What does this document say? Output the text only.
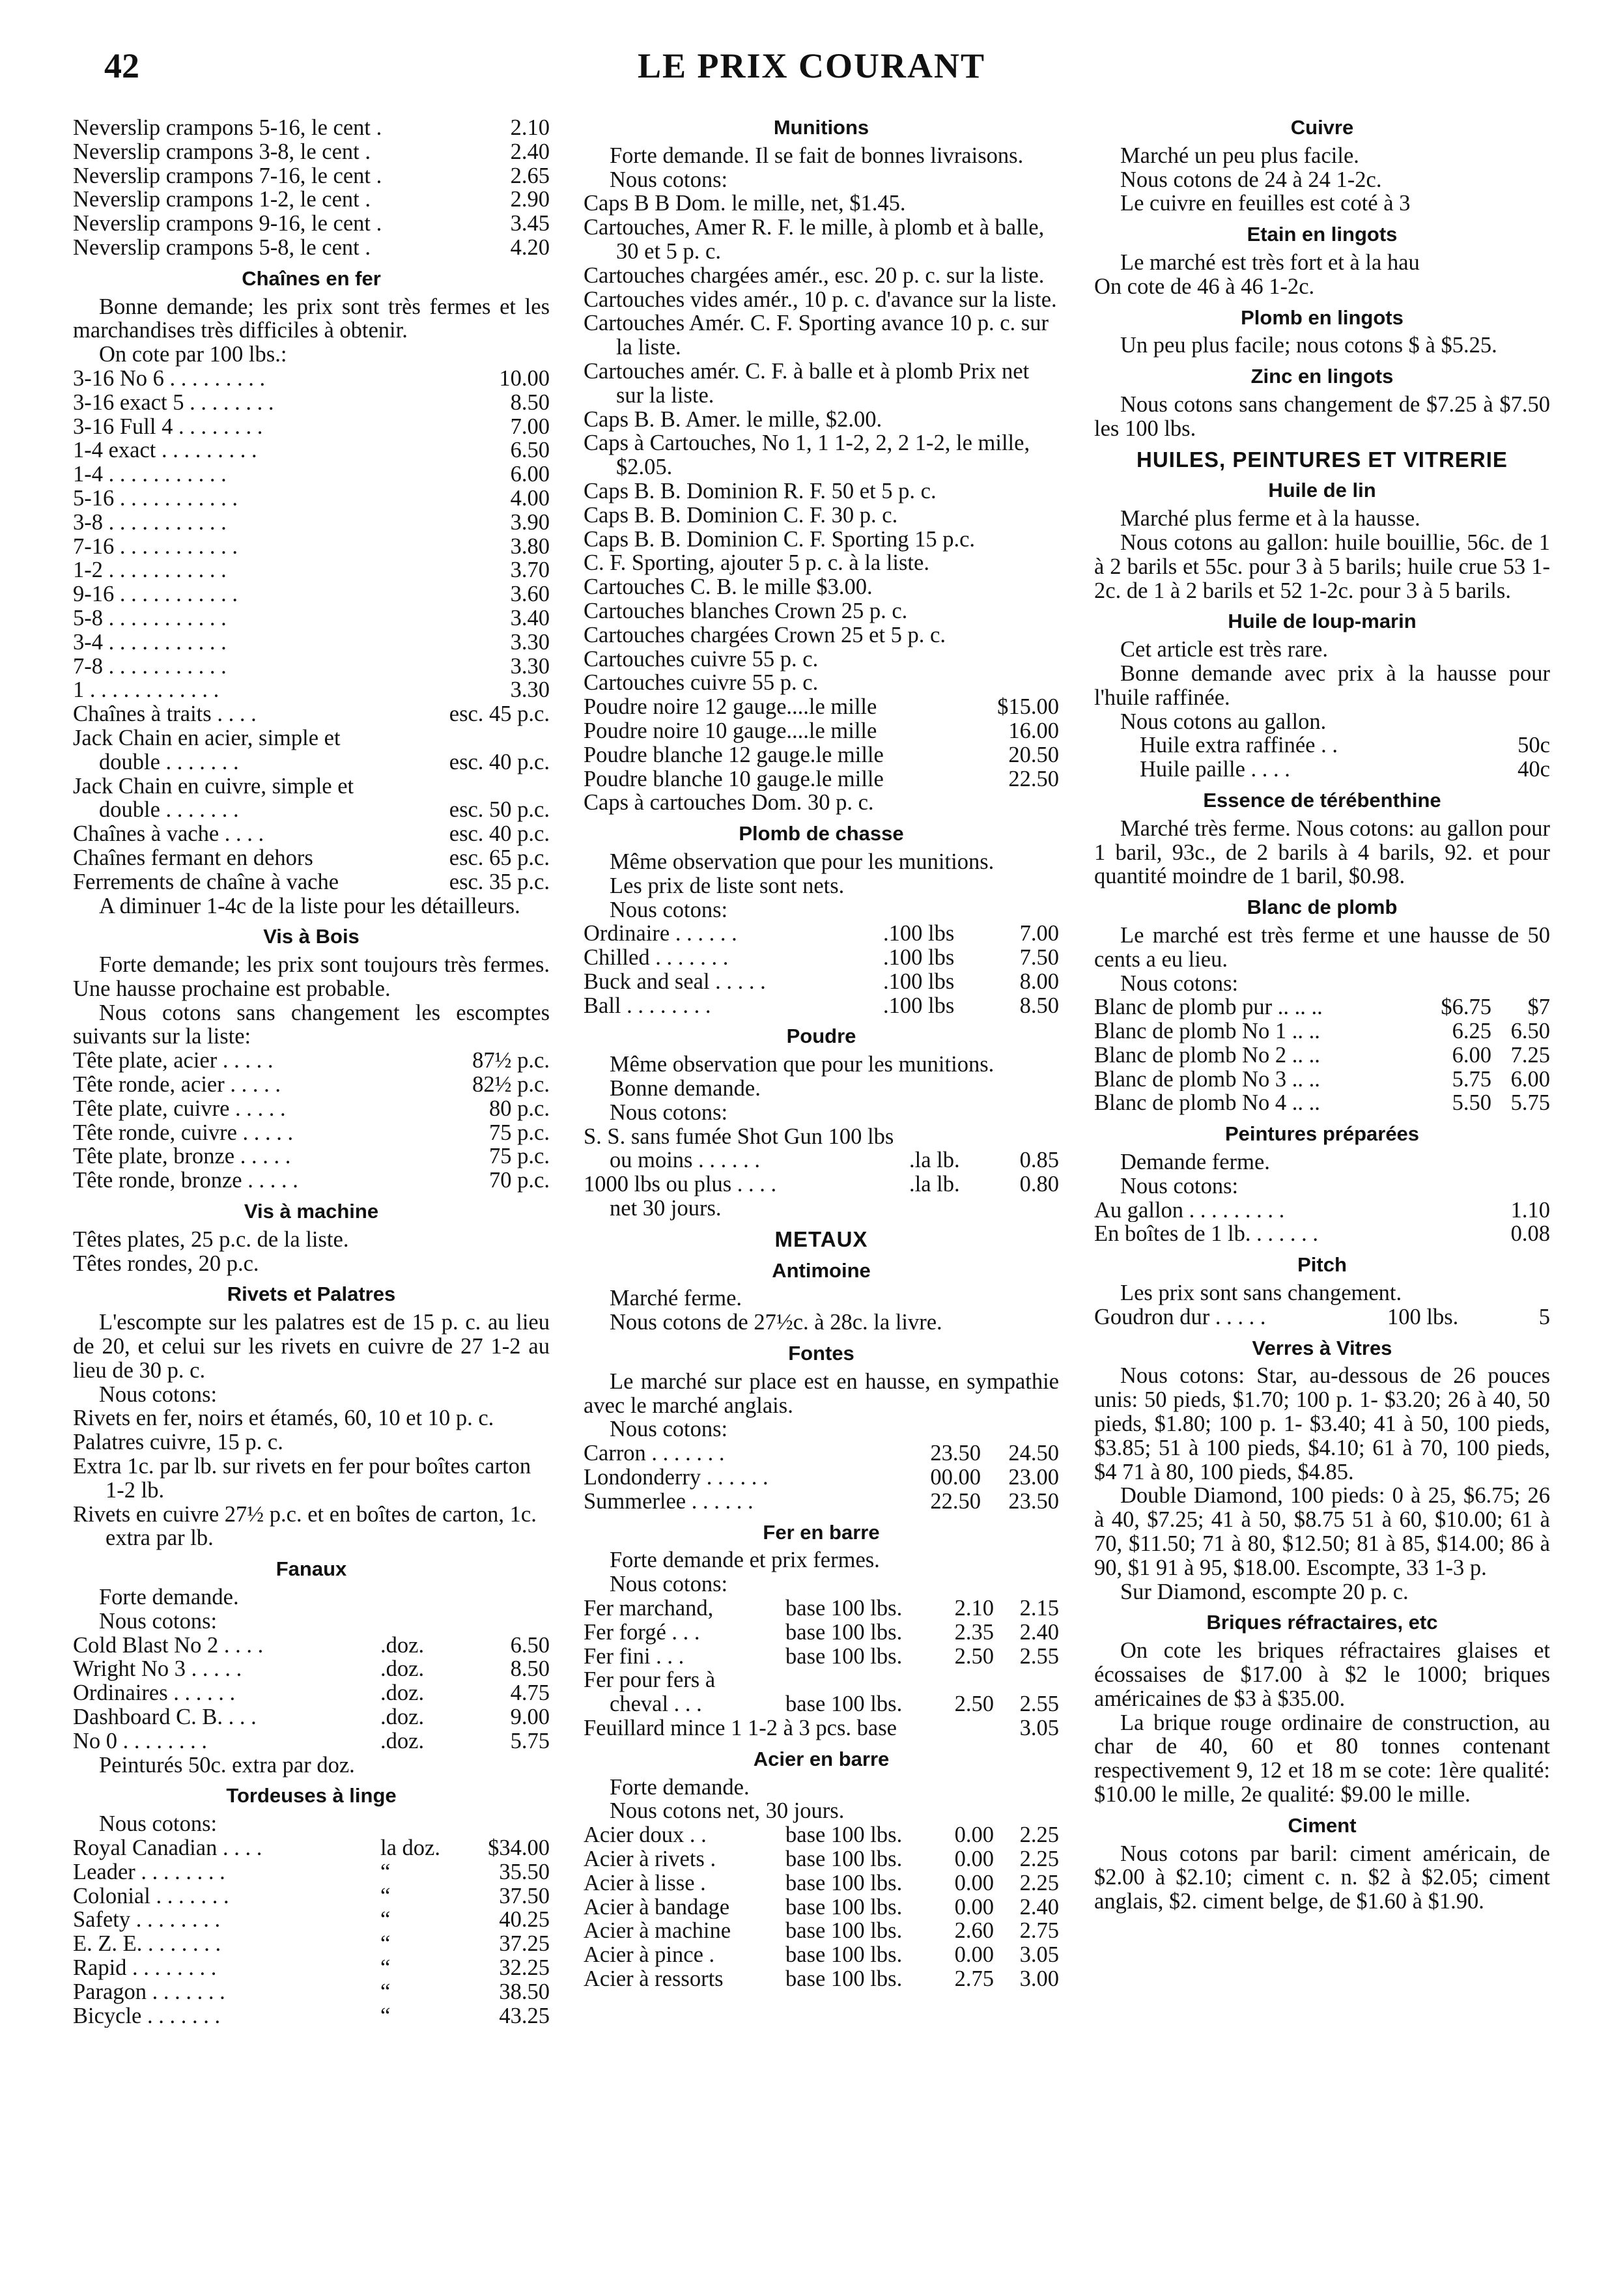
42	LE PRIX COURANT
Neverslip crampons 5-16, le cent .	2.10
Neverslip crampons 3-8, le cent .	2.40
Neverslip crampons 7-16, le cent .	2.65
Neverslip crampons 1-2, le cent .	2.90
Neverslip crampons 9-16, le cent .	3.45
Neverslip crampons 5-8, le cent .	4.20
Chaînes en fer
Bonne demande; les prix sont très fermes et les marchandises très difficiles à obtenir.
On cote par 100 lbs.:
3-16 No 6 . . . . . . . . .	10.00
3-16 exact 5 . . . . . . . .	8.50
3-16 Full 4 . . . . . . . .	7.00
1-4 exact . . . . . . . . .	6.50
1-4 . . . . . . . . . . .	6.00
5-16 . . . . . . . . . . .	4.00
3-8 . . . . . . . . . . .	3.90
7-16 . . . . . . . . . . .	3.80
1-2 . . . . . . . . . . .	3.70
9-16 . . . . . . . . . . .	3.60
5-8 . . . . . . . . . . .	3.40
3-4 . . . . . . . . . . .	3.30
7-8 . . . . . . . . . . .	3.30
1 . . . . . . . . . . . .	3.30
Chaînes à traits . . . .	esc. 45 p.c.
Jack Chain en acier, simple et
double . . . . . . .	esc. 40 p.c.
Jack Chain en cuivre, simple et
double . . . . . . .	esc. 50 p.c.
Chaînes à vache . . . .	esc. 40 p.c.
Chaînes fermant en dehors	esc. 65 p.c.
Ferrements de chaîne à vache	esc. 35 p.c.
A diminuer 1-4c de la liste pour les détailleurs.
Vis à Bois
Forte demande; les prix sont toujours très fermes. Une hausse prochaine est probable.
Nous cotons sans changement les escomptes suivants sur la liste:
Tête plate, acier . . . . .	87½ p.c.
Tête ronde, acier . . . . .	82½ p.c.
Tête plate, cuivre . . . . .	80 p.c.
Tête ronde, cuivre . . . . .	75 p.c.
Tête plate, bronze . . . . .	75 p.c.
Tête ronde, bronze . . . . .	70 p.c.
Vis à machine
Têtes plates, 25 p.c. de la liste.
Têtes rondes, 20 p.c.
Rivets et Palatres
L'escompte sur les palatres est de 15 p. c. au lieu de 20, et celui sur les rivets en cuivre de 27 1-2 au lieu de 30 p. c.
Nous cotons:
Rivets en fer, noirs et étamés, 60, 10 et 10 p. c.
Palatres cuivre, 15 p. c.
Extra 1c. par lb. sur rivets en fer pour boîtes carton 1-2 lb.
Rivets en cuivre 27½ p.c. et en boîtes de carton, 1c. extra par lb.
Fanaux
Forte demande.
Nous cotons:
Cold Blast No 2 . . . .	.doz.	6.50
Wright No 3 . . . . .	.doz.	8.50
Ordinaires . . . . . .	.doz.	4.75
Dashboard C. B. . . .	.doz.	9.00
No 0 . . . . . . . .	.doz.	5.75
Peinturés 50c. extra par doz.
Tordeuses à linge
Nous cotons:
Royal Canadian . . . .	la doz.	$34.00
Leader . . . . . . . .	“	35.50
Colonial . . . . . . .	“	37.50
Safety . . . . . . . .	“	40.25
E. Z. E. . . . . . . .	“	37.25
Rapid . . . . . . . .	“	32.25
Paragon . . . . . . .	“	38.50
Bicycle . . . . . . .	“	43.25
Munitions
Forte demande. Il se fait de bonnes livraisons.
Nous cotons:
Caps B B Dom. le mille, net, $1.45.
Cartouches, Amer R. F. le mille, à plomb et à balle, 30 et 5 p. c.
Cartouches chargées amér., esc. 20 p. c. sur la liste.
Cartouches vides amér., 10 p. c. d'avance sur la liste.
Cartouches Amér. C. F. Sporting avance 10 p. c. sur la liste.
Cartouches amér. C. F. à balle et à plomb Prix net sur la liste.
Caps B. B. Amer. le mille, $2.00.
Caps à Cartouches, No 1, 1 1-2, 2, 2 1-2, le mille, $2.05.
Caps B. B. Dominion R. F. 50 et 5 p. c.
Caps B. B. Dominion C. F. 30 p. c.
Caps B. B. Dominion C. F. Sporting 15 p.c.
C. F. Sporting, ajouter 5 p. c. à la liste.
Cartouches C. B. le mille $3.00.
Cartouches blanches Crown 25 p. c.
Cartouches chargées Crown 25 et 5 p. c.
Cartouches cuivre 55 p. c.
Cartouches cuivre 55 p. c.
Poudre noire 12 gauge....le mille	$15.00
Poudre noire 10 gauge....le mille	16.00
Poudre blanche 12 gauge.le mille	20.50
Poudre blanche 10 gauge.le mille	22.50
Caps à cartouches Dom. 30 p. c.
Plomb de chasse
Même observation que pour les munitions.
Les prix de liste sont nets.
Nous cotons:
Ordinaire . . . . . .	.100 lbs	7.00
Chilled . . . . . . .	.100 lbs	7.50
Buck and seal . . . . .	.100 lbs	8.00
Ball . . . . . . . .	.100 lbs	8.50
Poudre
Même observation que pour les munitions.
Bonne demande.
Nous cotons:
S. S. sans fumée Shot Gun 100 lbs
ou moins . . . . . .	.la lb.	0.85
1000 lbs ou plus . . . .	.la lb.	0.80
net 30 jours.
METAUX
Antimoine
Marché ferme.
Nous cotons de 27½c. à 28c. la livre.
Fontes
Le marché sur place est en hausse, en sympathie avec le marché anglais.
Nous cotons:
Carron . . . . . . .	23.50	24.50
Londonderry . . . . . .	00.00	23.00
Summerlee . . . . . .	22.50	23.50
Fer en barre
Forte demande et prix fermes.
Nous cotons:
Fer marchand,	base 100 lbs.	2.10	2.15
Fer forgé . . .	base 100 lbs.	2.35	2.40
Fer fini . . .	base 100 lbs.	2.50	2.55
Fer pour fers à
cheval . . .	base 100 lbs.	2.50	2.55
Feuillard mince 1 1-2 à 3 pcs. base	3.05
Acier en barre
Forte demande.
Nous cotons net, 30 jours.
Acier doux . .	base 100 lbs.	0.00	2.25
Acier à rivets .	base 100 lbs.	0.00	2.25
Acier à lisse .	base 100 lbs.	0.00	2.25
Acier à bandage	base 100 lbs.	0.00	2.40
Acier à machine	base 100 lbs.	2.60	2.75
Acier à pince .	base 100 lbs.	0.00	3.05
Acier à ressorts	base 100 lbs.	2.75	3.00
Cuivre
Marché un peu plus facile.
Nous cotons de 24 à 24 1-2c.
Le cuivre en feuilles est coté à 3
Etain en lingots
Le marché est très fort et à la hau
On cote de 46 à 46 1-2c.
Plomb en lingots
Un peu plus facile; nous cotons $ à $5.25.
Zinc en lingots
Nous cotons sans changement de $7.25 à $7.50 les 100 lbs.
HUILES, PEINTURES ET VITRERIE
Huile de lin
Marché plus ferme et à la hausse.
Nous cotons au gallon: huile bouillie, 56c. de 1 à 2 barils et 55c. pour 3 à 5 barils; huile crue 53 1-2c. de 1 à 2 barils et 52 1-2c. pour 3 à 5 barils.
Huile de loup-marin
Cet article est très rare.
Bonne demande avec prix à la hausse pour l'huile raffinée.
Nous cotons au gallon.
Huile extra raffinée . .	50c
Huile paille . . . .	40c
Essence de térébenthine
Marché très ferme. Nous cotons: au gallon pour 1 baril, 93c., de 2 barils à 4 barils, 92. et pour quantité moindre de 1 baril, $0.98.
Blanc de plomb
Le marché est très ferme et une hausse de 50 cents a eu lieu.
Nous cotons:
Blanc de plomb pur .. .. ..	$6.75	$7
Blanc de plomb No 1 .. ..	6.25 6.50
Blanc de plomb No 2 .. ..	6.00 7.25
Blanc de plomb No 3 .. ..	5.75 6.00
Blanc de plomb No 4 .. ..	5.50 5.75
Peintures préparées
Demande ferme.
Nous cotons:
Au gallon . . . . . . . . .	1.10
En boîtes de 1 lb. . . . . . .	0.08
Pitch
Les prix sont sans changement.
Goudron dur . . . . .	100 lbs.	5
Verres à Vitres
Nous cotons: Star, au-dessous de 26 pouces unis: 50 pieds, $1.70; 100 p. 1- $3.20; 26 à 40, 50 pieds, $1.80; 100 p. 1- $3.40; 41 à 50, 100 pieds, $3.85; 51 à 100 pieds, $4.10; 61 à 70, 100 pieds, $4 71 à 80, 100 pieds, $4.85.
Double Diamond, 100 pieds: 0 à 25, $6.75; 26 à 40, $7.25; 41 à 50, $8.75 51 à 60, $10.00; 61 à 70, $11.50; 71 à 80, $12.50; 81 à 85, $14.00; 86 à 90, $1 91 à 95, $18.00. Escompte, 33 1-3 p.
Sur Diamond, escompte 20 p. c.
Briques réfractaires, etc
On cote les briques réfractaires glaises et écossaises de $17.00 à $2 le 1000; briques américaines de $3 à $35.00.
La brique rouge ordinaire de construction, au char de 40, 60 et 80 tonnes contenant respectivement 9, 12 et 18 m se cote: 1ère qualité: $10.00 le mille, 2e qualité: $9.00 le mille.
Ciment
Nous cotons par baril: ciment américain, de $2.00 à $2.10; ciment c. n. $2 à $2.05; ciment anglais, $2. ciment belge, de $1.60 à $1.90.
